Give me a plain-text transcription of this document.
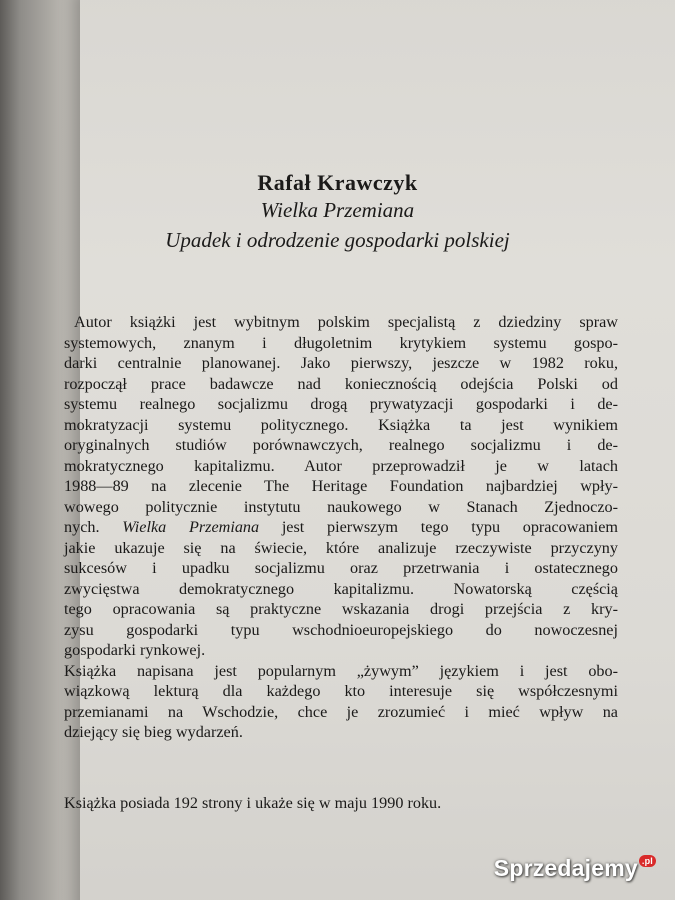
Rafał Krawczyk
Wielka Przemiana
Upadek i odrodzenie gospodarki polskiej
Autor książki jest wybitnym polskim specjalistą z dziedziny spraw
systemowych, znanym i długoletnim krytykiem systemu gospo-
darki centralnie planowanej. Jako pierwszy, jeszcze w 1982 roku,
rozpoczął prace badawcze nad koniecznością odejścia Polski od
systemu realnego socjalizmu drogą prywatyzacji gospodarki i de-
mokratyzacji systemu politycznego. Książka ta jest wynikiem
oryginalnych studiów porównawczych, realnego socjalizmu i de-
mokratycznego kapitalizmu. Autor przeprowadził je w latach
1988—89 na zlecenie The Heritage Foundation najbardziej wpły-
wowego politycznie instytutu naukowego w Stanach Zjednoczo-
nych. Wielka Przemiana jest pierwszym tego typu opracowaniem
jakie ukazuje się na świecie, które analizuje rzeczywiste przyczyny
sukcesów i upadku socjalizmu oraz przetrwania i ostatecznego
zwycięstwa demokratycznego kapitalizmu. Nowatorską częścią
tego opracowania są praktyczne wskazania drogi przejścia z kry-
zysu gospodarki typu wschodnioeuropejskiego do nowoczesnej
gospodarki rynkowej.
Książka napisana jest popularnym „żywym” językiem i jest obo-
wiązkową lekturą dla każdego kto interesuje się współczesnymi
przemianami na Wschodzie, chce je zrozumieć i mieć wpływ na
dziejący się bieg wydarzeń.
Książka posiada 192 strony i ukaże się w maju 1990 roku.
Sprzedajemy .pl
